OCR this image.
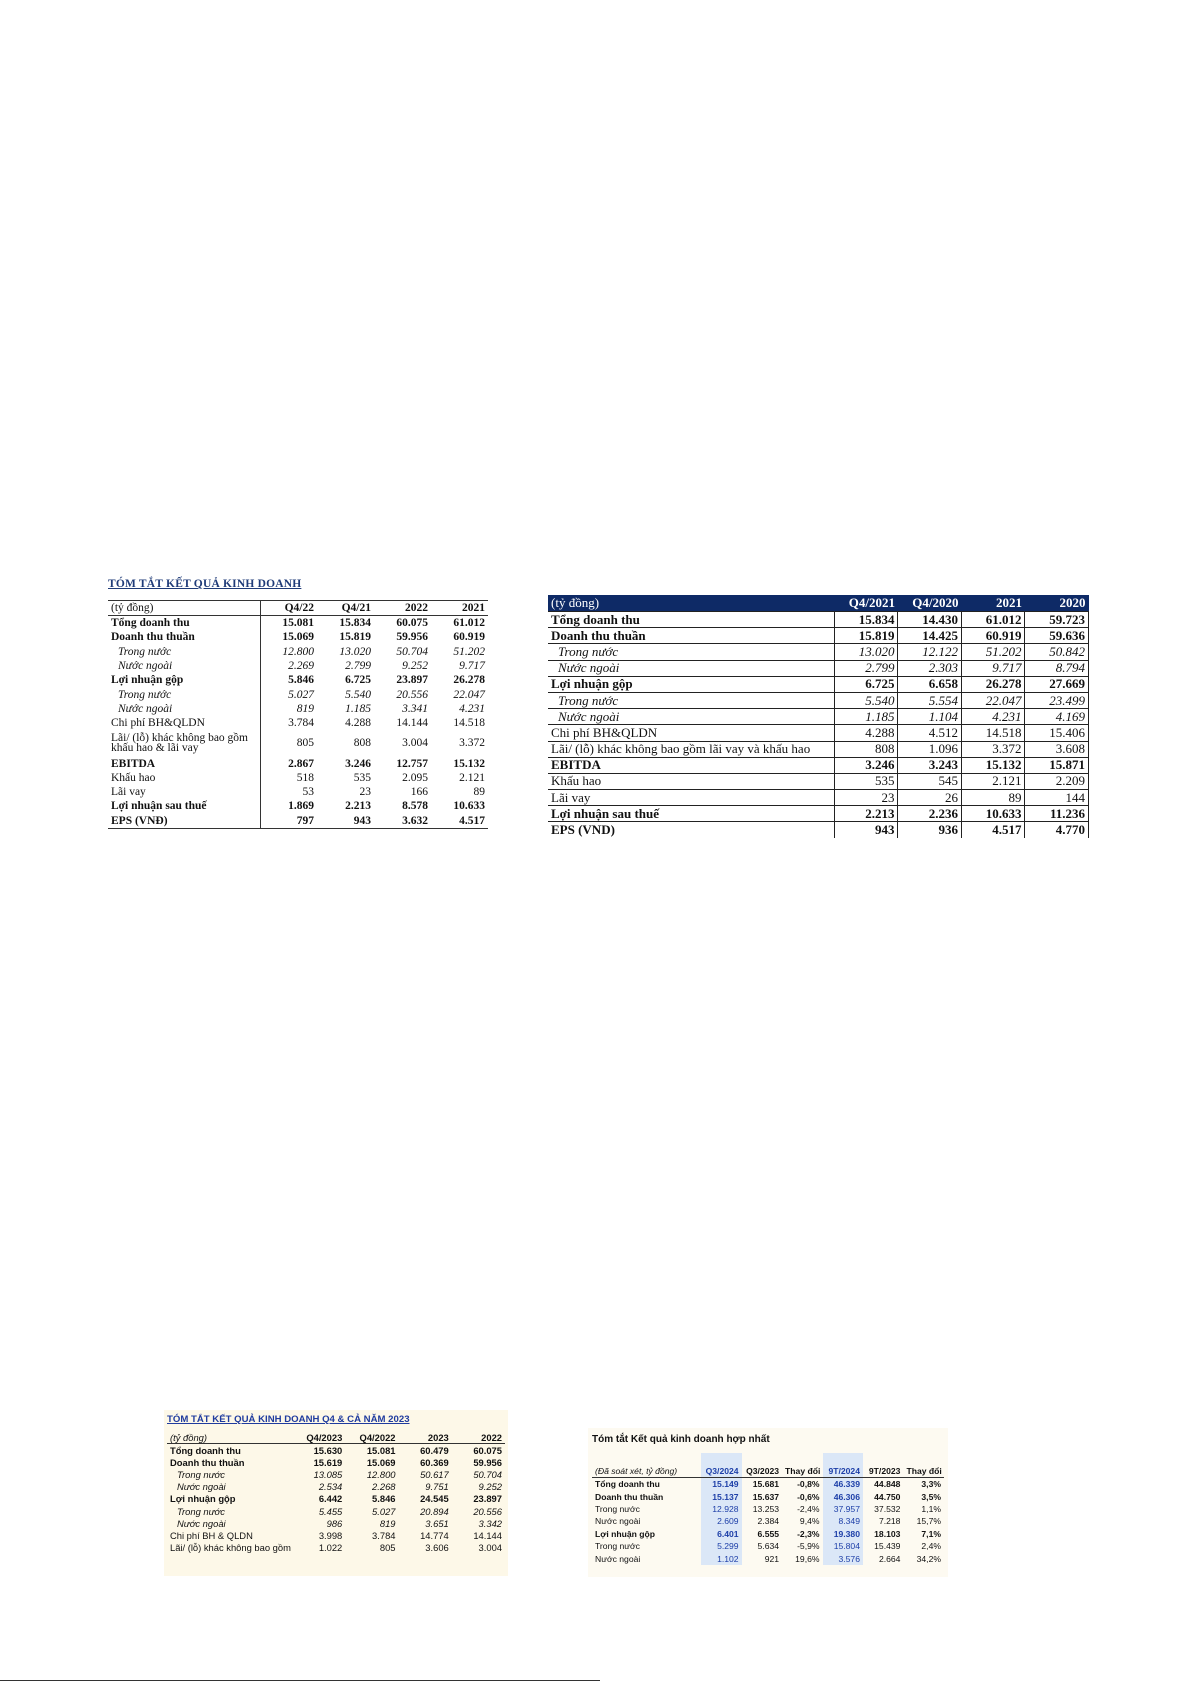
TÓM TẮT KẾT QUẢ KINH DOANH
(tỷ đồng)	Q4/22	Q4/21	2022	2021
Tổng doanh thu	15.081	15.834	60.075	61.012
Doanh thu thuần	15.069	15.819	59.956	60.919
Trong nước	12.800	13.020	50.704	51.202
Nước ngoài	2.269	2.799	9.252	9.717
Lợi nhuận gộp	5.846	6.725	23.897	26.278
Trong nước	5.027	5.540	20.556	22.047
Nước ngoài	819	1.185	3.341	4.231
Chi phí BH&QLDN	3.784	4.288	14.144	14.518
Lãi/ (lỗ) khác không bao gồm khấu hao & lãi vay	805	808	3.004	3.372
EBITDA	2.867	3.246	12.757	15.132
Khấu hao	518	535	2.095	2.121
Lãi vay	53	23	166	89
Lợi nhuận sau thuế	1.869	2.213	8.578	10.633
EPS (VNĐ)	797	943	3.632	4.517
(tỷ đồng)	Q4/2021	Q4/2020	2021	2020
Tổng doanh thu	15.834	14.430	61.012	59.723
Doanh thu thuần	15.819	14.425	60.919	59.636
Trong nước	13.020	12.122	51.202	50.842
Nước ngoài	2.799	2.303	9.717	8.794
Lợi nhuận gộp	6.725	6.658	26.278	27.669
Trong nước	5.540	5.554	22.047	23.499
Nước ngoài	1.185	1.104	4.231	4.169
Chi phí BH&QLDN	4.288	4.512	14.518	15.406
Lãi/ (lỗ) khác không bao gồm lãi vay và khấu hao	808	1.096	3.372	3.608
EBITDA	3.246	3.243	15.132	15.871
Khấu hao	535	545	2.121	2.209
Lãi vay	23	26	89	144
Lợi nhuận sau thuế	2.213	2.236	10.633	11.236
EPS (VND)	943	936	4.517	4.770
TÓM TẮT KẾT QUẢ KINH DOANH Q4 & CẢ NĂM 2023
(tỷ đồng)	Q4/2023	Q4/2022	2023	2022
Tổng doanh thu	15.630	15.081	60.479	60.075
Doanh thu thuần	15.619	15.069	60.369	59.956
Trong nước	13.085	12.800	50.617	50.704
Nước ngoài	2.534	2.268	9.751	9.252
Lợi nhuận gộp	6.442	5.846	24.545	23.897
Trong nước	5.455	5.027	20.894	20.556
Nước ngoài	986	819	3.651	3.342
Chi phí BH & QLDN	3.998	3.784	14.774	14.144
Lãi/ (lỗ) khác không bao gồm	1.022	805	3.606	3.004
Tóm tắt Kết quả kinh doanh hợp nhất
(Đã soát xét, tỷ đồng)	Q3/2024	Q3/2023	Thay đổi	9T/2024	9T/2023	Thay đổi
Tổng doanh thu	15.149	15.681	-0,8%	46.339	44.848	3,3%
Doanh thu thuần	15.137	15.637	-0,6%	46.306	44.750	3,5%
Trong nước	12.928	13.253	-2,4%	37.957	37.532	1,1%
Nước ngoài	2.609	2.384	9,4%	8.349	7.218	15,7%
Lợi nhuận gộp	6.401	6.555	-2,3%	19.380	18.103	7,1%
Trong nước	5.299	5.634	-5,9%	15.804	15.439	2,4%
Nước ngoài	1.102	921	19,6%	3.576	2.664	34,2%
